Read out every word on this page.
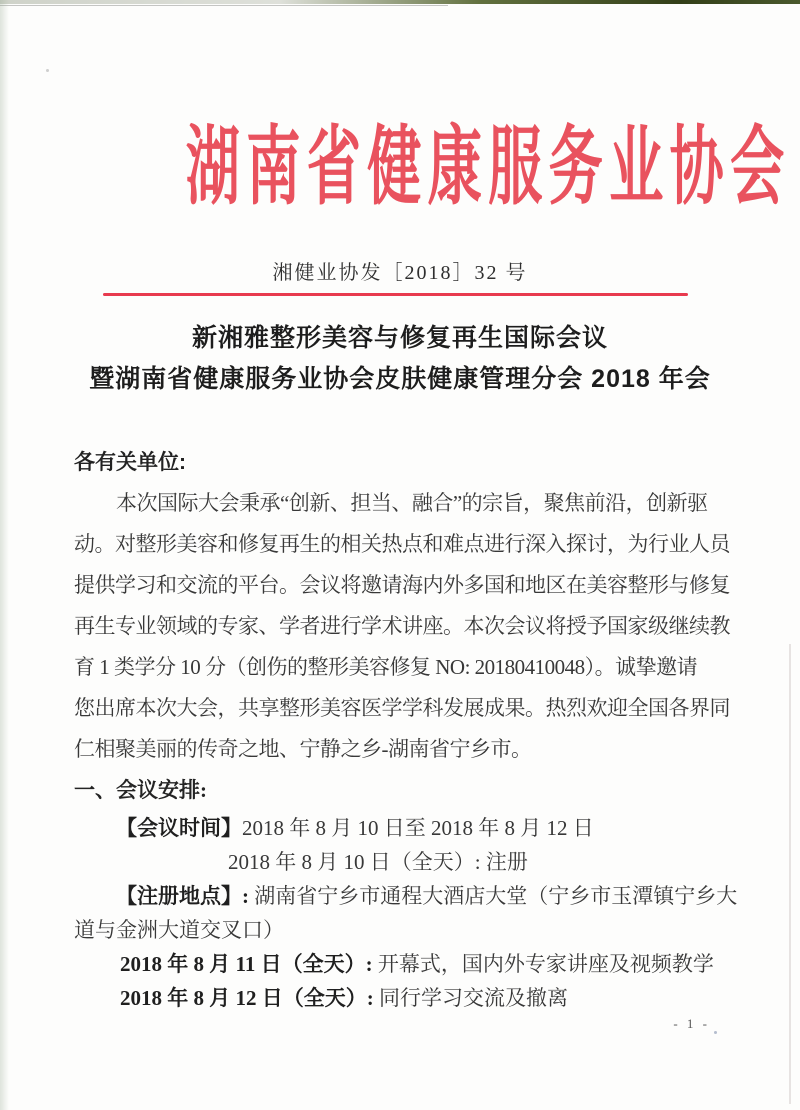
湖南省健康服务业协会
湘健业协发［2018］32 号
新湘雅整形美容与修复再生国际会议
暨湖南省健康服务业协会皮肤健康管理分会 2018 年会
各有关单位:
本次国际大会秉承“创新、担当、融合”的宗旨，聚焦前沿，创新驱
动。对整形美容和修复再生的相关热点和难点进行深入探讨，为行业人员
提供学习和交流的平台。会议将邀请海内外多国和地区在美容整形与修复
再生专业领域的专家、学者进行学术讲座。本次会议将授予国家级继续教
育 1 类学分 10 分（创伤的整形美容修复 NO: 20180410048）。诚挚邀请
您出席本次大会，共享整形美容医学学科发展成果。热烈欢迎全国各界同
仁相聚美丽的传奇之地、宁静之乡-湖南省宁乡市。
一、会议安排:
【会议时间】2018 年 8 月 10 日至 2018 年 8 月 12 日
2018 年 8 月 10 日（全天）: 注册
【注册地点】: 湖南省宁乡市通程大酒店大堂（宁乡市玉潭镇宁乡大
道与金洲大道交叉口）
2018 年 8 月 11 日（全天）: 开幕式，国内外专家讲座及视频教学
2018 年 8 月 12 日（全天）: 同行学习交流及撤离
- 1 -
